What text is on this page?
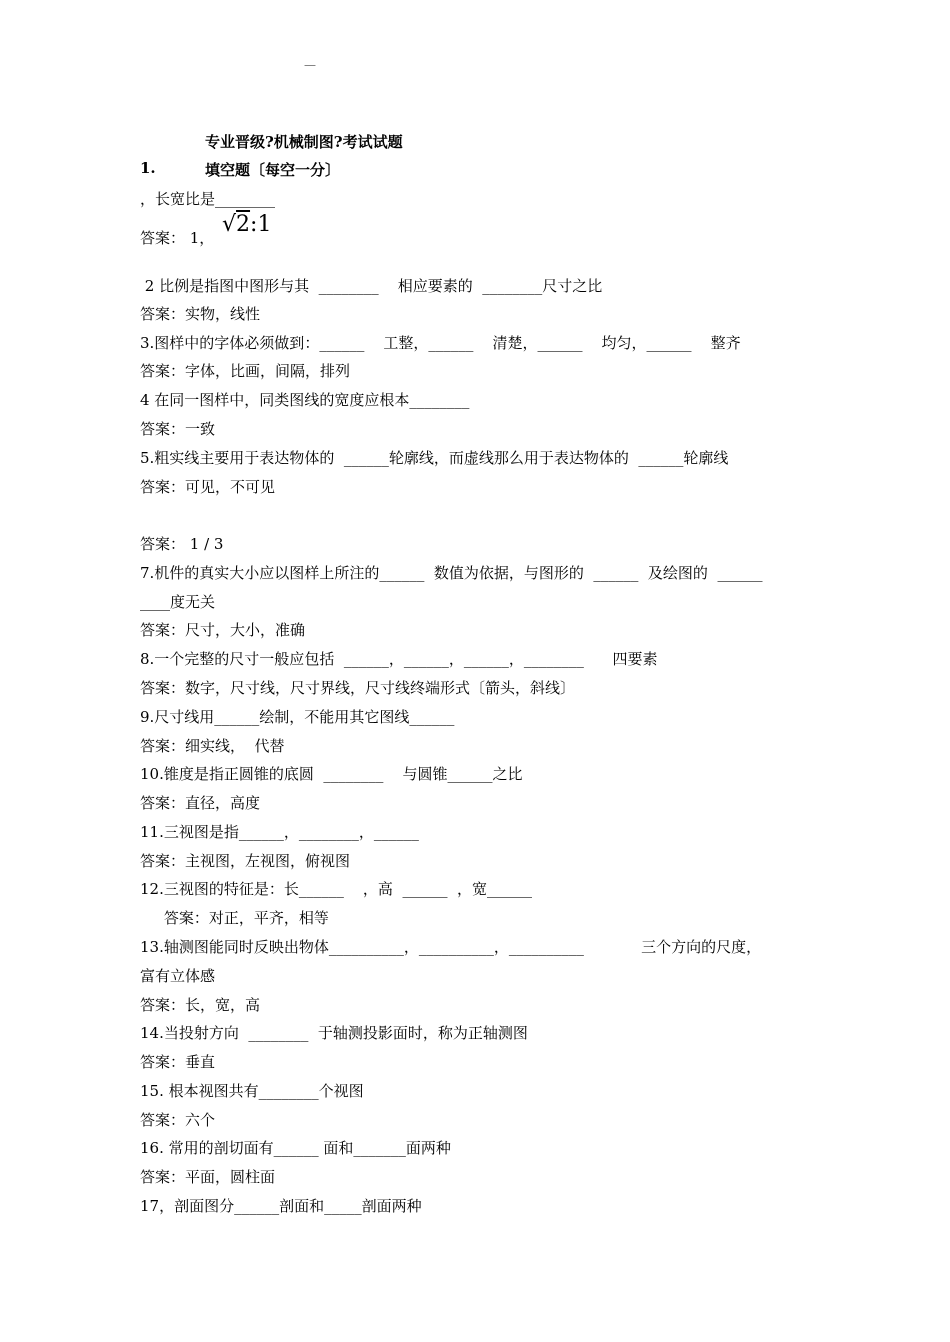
—
专业晋级?机械制图?考试试题
1.	填空题〔每空一分〕
，长宽比是________
答案： 1，
2 比例是指图中图形与其  ________    相应要素的  ________尺寸之比
答案：实物，线性
3.图样中的字体必须做到：______    工整，______    清楚，______    均匀，______    整齐
答案：字体，比画，间隔，排列
4 在同一图样中，同类图线的宽度应根本________
答案：一致
5.粗实线主要用于表达物体的  ______轮廓线，而虚线那么用于表达物体的  ______轮廓线
答案：可见，不可见
答案： 1 / 3
7.机件的真实大小应以图样上所注的______  数值为依据，与图形的  ______  及绘图的  ______
____度无关
答案：尺寸，大小，准确
8.一个完整的尺寸一般应包括  ______，______，______，________      四要素
答案：数字，尺寸线，尺寸界线，尺寸线终端形式〔箭头，斜线〕
9.尺寸线用______绘制，不能用其它图线______
答案：细实线，  代替
10.锥度是指正圆锥的底圆  ________    与圆锥______之比
答案：直径，高度
11.三视图是指______，________，______
答案：主视图，左视图，俯视图
12.三视图的特征是：长______    ，高  ______  ，宽______
答案：对正，平齐，相等
13.轴测图能同时反映出物体__________，__________，__________            三个方向的尺度，
富有立体感
答案：长，宽，高
14.当投射方向  ________  于轴测投影面时，称为正轴测图
答案：垂直
15. 根本视图共有________个视图
答案：六个
16. 常用的剖切面有______ 面和_______面两种
答案：平面，圆柱面
17，剖面图分______剖面和_____剖面两种
√2:1
